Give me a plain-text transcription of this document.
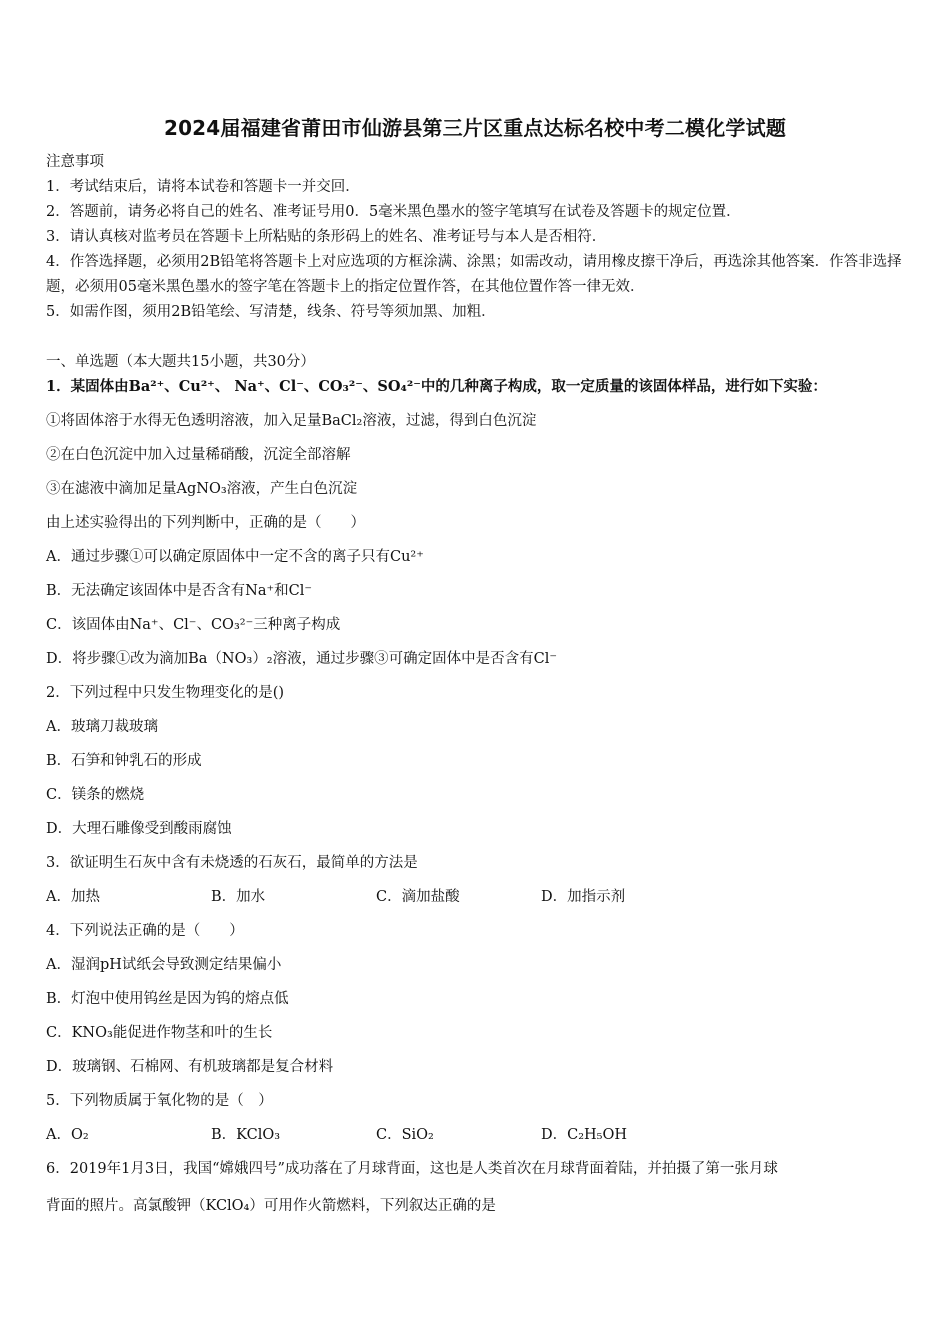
2024届福建省莆田市仙游县第三片区重点达标名校中考二模化学试题
注意事项
1．考试结束后，请将本试卷和答题卡一并交回．
2．答题前，请务必将自己的姓名、准考证号用0．5毫米黑色墨水的签字笔填写在试卷及答题卡的规定位置．
3．请认真核对监考员在答题卡上所粘贴的条形码上的姓名、准考证号与本人是否相符．
4．作答选择题，必须用2B铅笔将答题卡上对应选项的方框涂满、涂黑；如需改动，请用橡皮擦干净后，再选涂其他答案．作答非选择题，必须用05毫米黑色墨水的签字笔在答题卡上的指定位置作答，在其他位置作答一律无效．
5．如需作图，须用2B铅笔绘、写清楚，线条、符号等须加黑、加粗．
一、单选题（本大题共15小题，共30分）
1．某固体由Ba²⁺、Cu²⁺、 Na⁺、Cl⁻、CO₃²⁻、SO₄²⁻中的几种离子构成，取一定质量的该固体样品，进行如下实验：
①将固体溶于水得无色透明溶液，加入足量BaCl₂溶液，过滤，得到白色沉淀
②在白色沉淀中加入过量稀硝酸，沉淀全部溶解
③在滤液中滴加足量AgNO₃溶液，产生白色沉淀
由上述实验得出的下列判断中，正确的是（　　）
A．通过步骤①可以确定原固体中一定不含的离子只有Cu²⁺
B．无法确定该固体中是否含有Na⁺和Cl⁻
C．该固体由Na⁺、Cl⁻、CO₃²⁻三种离子构成
D．将步骤①改为滴加Ba（NO₃）₂溶液，通过步骤③可确定固体中是否含有Cl⁻
2．下列过程中只发生物理变化的是()
A．玻璃刀裁玻璃
B．石笋和钟乳石的形成
C．镁条的燃烧
D．大理石雕像受到酸雨腐蚀
3．欲证明生石灰中含有未烧透的石灰石，最简单的方法是
A．加热	B．加水	C．滴加盐酸	D．加指示剂
4．下列说法正确的是（　　）
A．湿润pH试纸会导致测定结果偏小
B．灯泡中使用钨丝是因为钨的熔点低
C．KNO₃能促进作物茎和叶的生长
D．玻璃钢、石棉网、有机玻璃都是复合材料
5．下列物质属于氧化物的是（　）
A．O₂	B．KClO₃	C．SiO₂	D．C₂H₅OH
6．2019年1月3日，我国“嫦娥四号”成功落在了月球背面，这也是人类首次在月球背面着陆，并拍摄了第一张月球
背面的照片。高氯酸钾（KClO₄）可用作火箭燃料，下列叙达正确的是
